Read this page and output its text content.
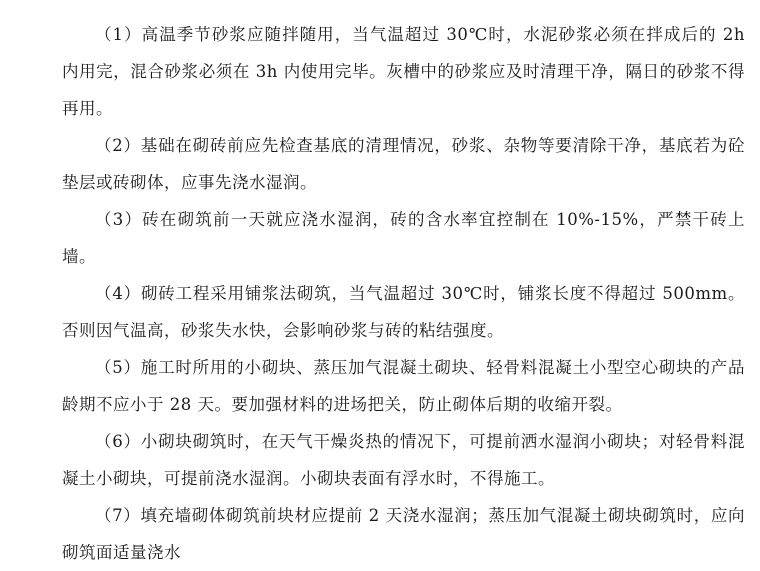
（1）高温季节砂浆应随拌随用，当气温超过 30℃时，水泥砂浆必须在拌成后的 2h 内用完，混合砂浆必须在 3h 内使用完毕。灰槽中的砂浆应及时清理干净，隔日的砂浆不得再用。

（2）基础在砌砖前应先检查基底的清理情况，砂浆、杂物等要清除干净，基底若为砼垫层或砖砌体，应事先浇水湿润。

（3）砖在砌筑前一天就应浇水湿润，砖的含水率宜控制在 10%-15%，严禁干砖上墙。

（4）砌砖工程采用铺浆法砌筑，当气温超过 30℃时，铺浆长度不得超过 500mm。否则因气温高，砂浆失水快，会影响砂浆与砖的粘结强度。

（5）施工时所用的小砌块、蒸压加气混凝土砌块、轻骨料混凝土小型空心砌块的产品龄期不应小于 28 天。要加强材料的进场把关，防止砌体后期的收缩开裂。

（6）小砌块砌筑时，在天气干燥炎热的情况下，可提前洒水湿润小砌块；对轻骨料混凝土小砌块，可提前浇水湿润。小砌块表面有浮水时，不得施工。

（7）填充墙砌体砌筑前块材应提前 2 天浇水湿润；蒸压加气混凝土砌块砌筑时，应向砌筑面适量浇水
